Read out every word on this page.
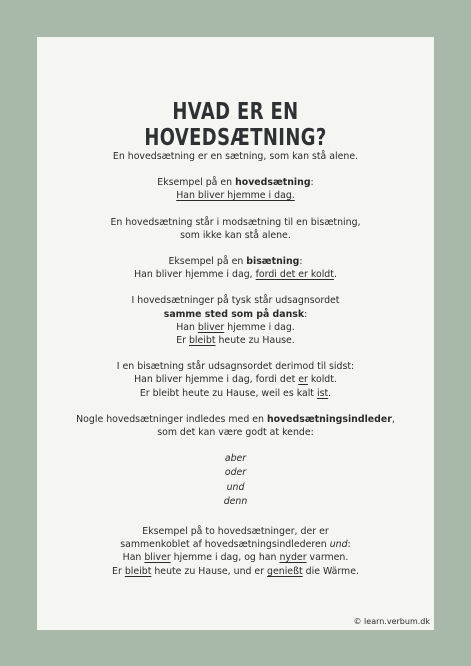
HVAD ER EN HOVEDSÆTNING?
En hovedsætning er en sætning, som kan stå alene.
Eksempel på en hovedsætning:
Han bliver hjemme i dag.
En hovedsætning står i modsætning til en bisætning,
som ikke kan stå alene.
Eksempel på en bisætning:
Han bliver hjemme i dag, fordi det er koldt.
I hovedsætninger på tysk står udsagnsordet
samme sted som på dansk:
Han bliver hjemme i dag.
Er bleibt heute zu Hause.
I en bisætning står udsagnsordet derimod til sidst:
Han bliver hjemme i dag, fordi det er koldt.
Er bleibt heute zu Hause, weil es kalt ist.
Nogle hovedsætninger indledes med en hovedsætningsindleder,
som det kan være godt at kende:
aber
oder
und
denn
Eksempel på to hovedsætninger, der er
sammenkoblet af hovedsætningsindlederen und:
Han bliver hjemme i dag, og han nyder varmen.
Er bleibt heute zu Hause, und er genießt die Wärme.
© learn.verbum.dk
